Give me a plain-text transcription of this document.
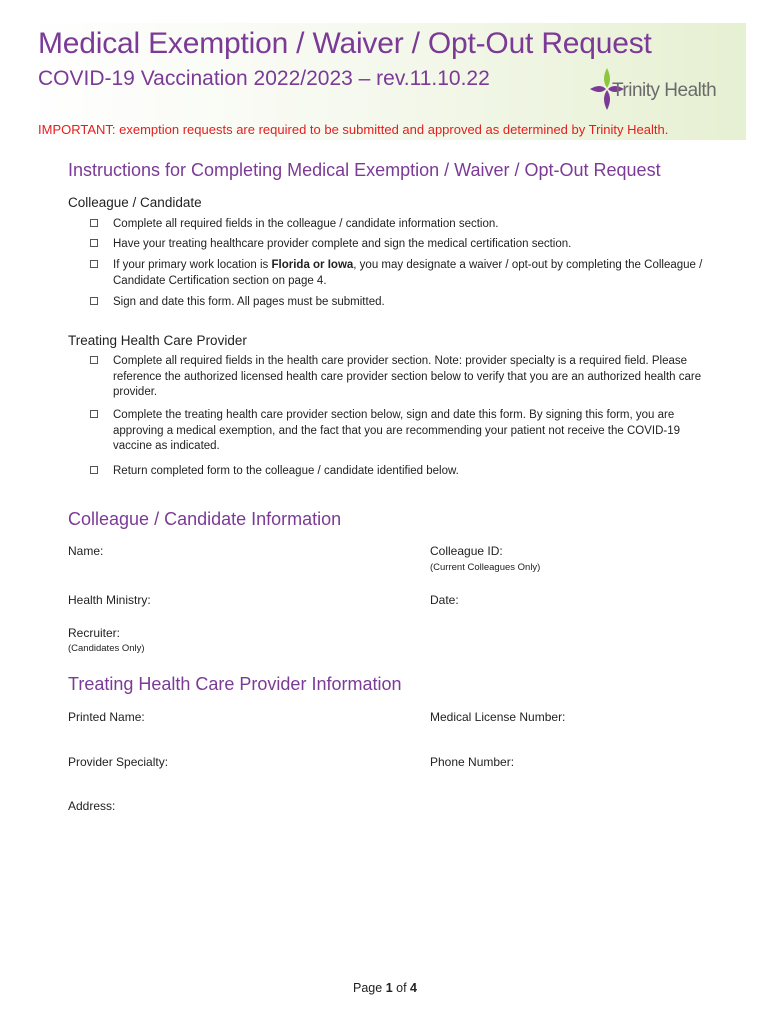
Medical Exemption / Waiver / Opt-Out Request
COVID-19 Vaccination 2022/2023 – rev.11.10.22
Trinity Health
IMPORTANT: exemption requests are required to be submitted and approved as determined by Trinity Health.
Instructions for Completing Medical Exemption / Waiver / Opt-Out Request
Colleague / Candidate
Complete all required fields in the colleague / candidate information section.
Have your treating healthcare provider complete and sign the medical certification section.
If your primary work location is Florida or Iowa, you may designate a waiver / opt-out by completing the Colleague / Candidate Certification section on page 4.
Sign and date this form. All pages must be submitted.
Treating Health Care Provider
Complete all required fields in the health care provider section. Note: provider specialty is a required field. Please reference the authorized licensed health care provider section below to verify that you are an authorized health care provider.
Complete the treating health care provider section below, sign and date this form. By signing this form, you are approving a medical exemption, and the fact that you are recommending your patient not receive the COVID-19 vaccine as indicated.
Return completed form to the colleague / candidate identified below.
Colleague / Candidate Information
Name:	Colleague ID:
(Current Colleagues Only)
Health Ministry:	Date:
Recruiter:
(Candidates Only)
Treating Health Care Provider Information
Printed Name:	Medical License Number:
Provider Specialty:	Phone Number:
Address:
Page 1 of 4
